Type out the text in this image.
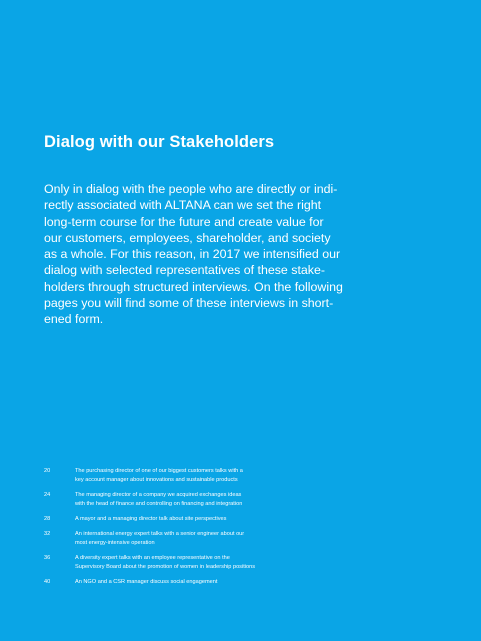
Dialog with our Stakeholders

Only in dialog with the people who are directly or indi-
rectly associated with ALTANA can we set the right
long-term course for the future and create value for
our customers, employees, shareholder, and society
as a whole. For this reason, in 2017 we intensified our
dialog with selected representatives of these stake-
holders through structured interviews. On the following
pages you will find some of these interviews in short-
ened form.

20	The purchasing director of one of our biggest customers talks with a
key account manager about innovations and sustainable products
24	The managing director of a company we acquired exchanges ideas
with the head of finance and controlling on financing and integration
28	A mayor and a managing director talk about site perspectives
32	An international energy expert talks with a senior engineer about our
most energy-intensive operation
36	A diversity expert talks with an employee representative on the
Supervisory Board about the promotion of women in leadership positions
40	An NGO and a CSR manager discuss social engagement
